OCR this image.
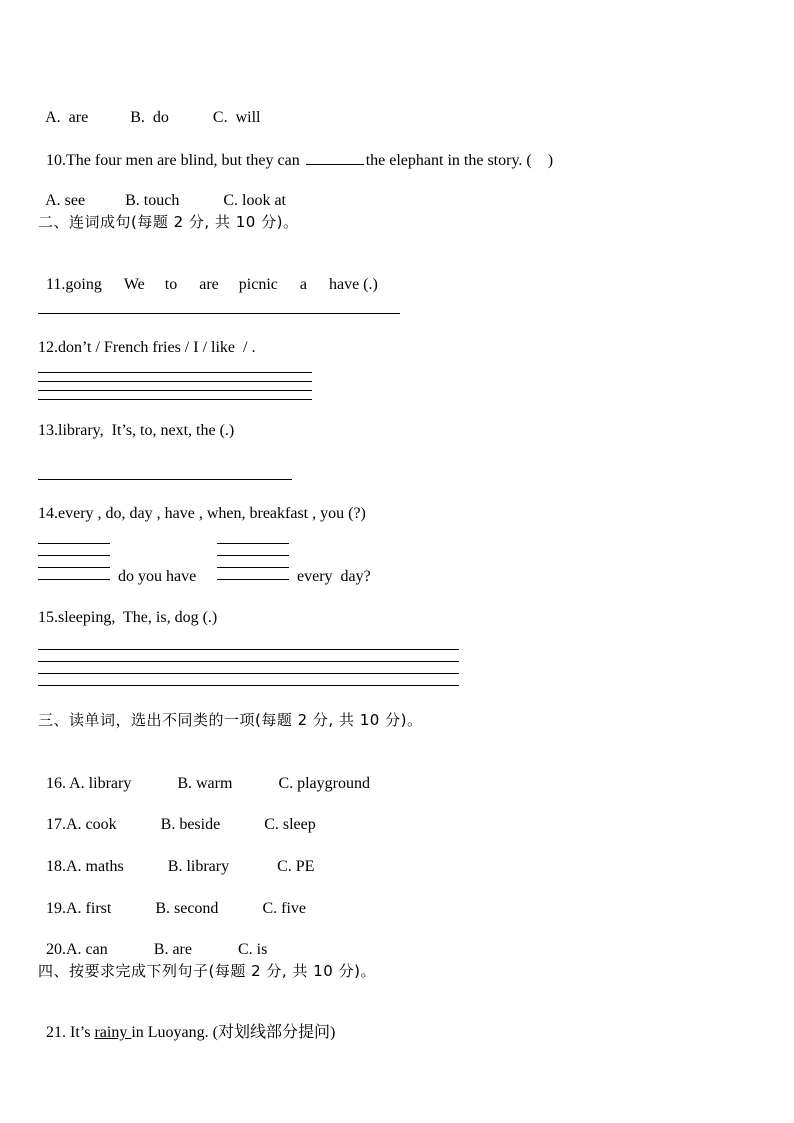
A.  are	B.  do	C.  will

10.The four men are blind, but they can	the elephant in the story. (    )

A. see	B. touch	C. look at

二、连词成句(每题 2 分, 共 10 分)。

11.going We to are picnic a have (.)

12.don’t / French fries / I / like  / .
13.library,  It’s, to, next, the (.)
14.every , do, day , have , when, breakfast , you (?)
do you have	every  day?
15.sleeping,  The, is, dog (.)
三、读单词，选出不同类的一项(每题 2 分, 共 10 分)。

16. A. library	B. warm	C. playground

17.A. cook	B. beside	C. sleep

18.A. maths	B. library	C. PE

19.A. first	B. second	C. five

20.A. can	B. are	C. is

四、按要求完成下列句子(每题 2 分, 共 10 分)。

21. It’s rainy in Luoyang. (对划线部分提问)
